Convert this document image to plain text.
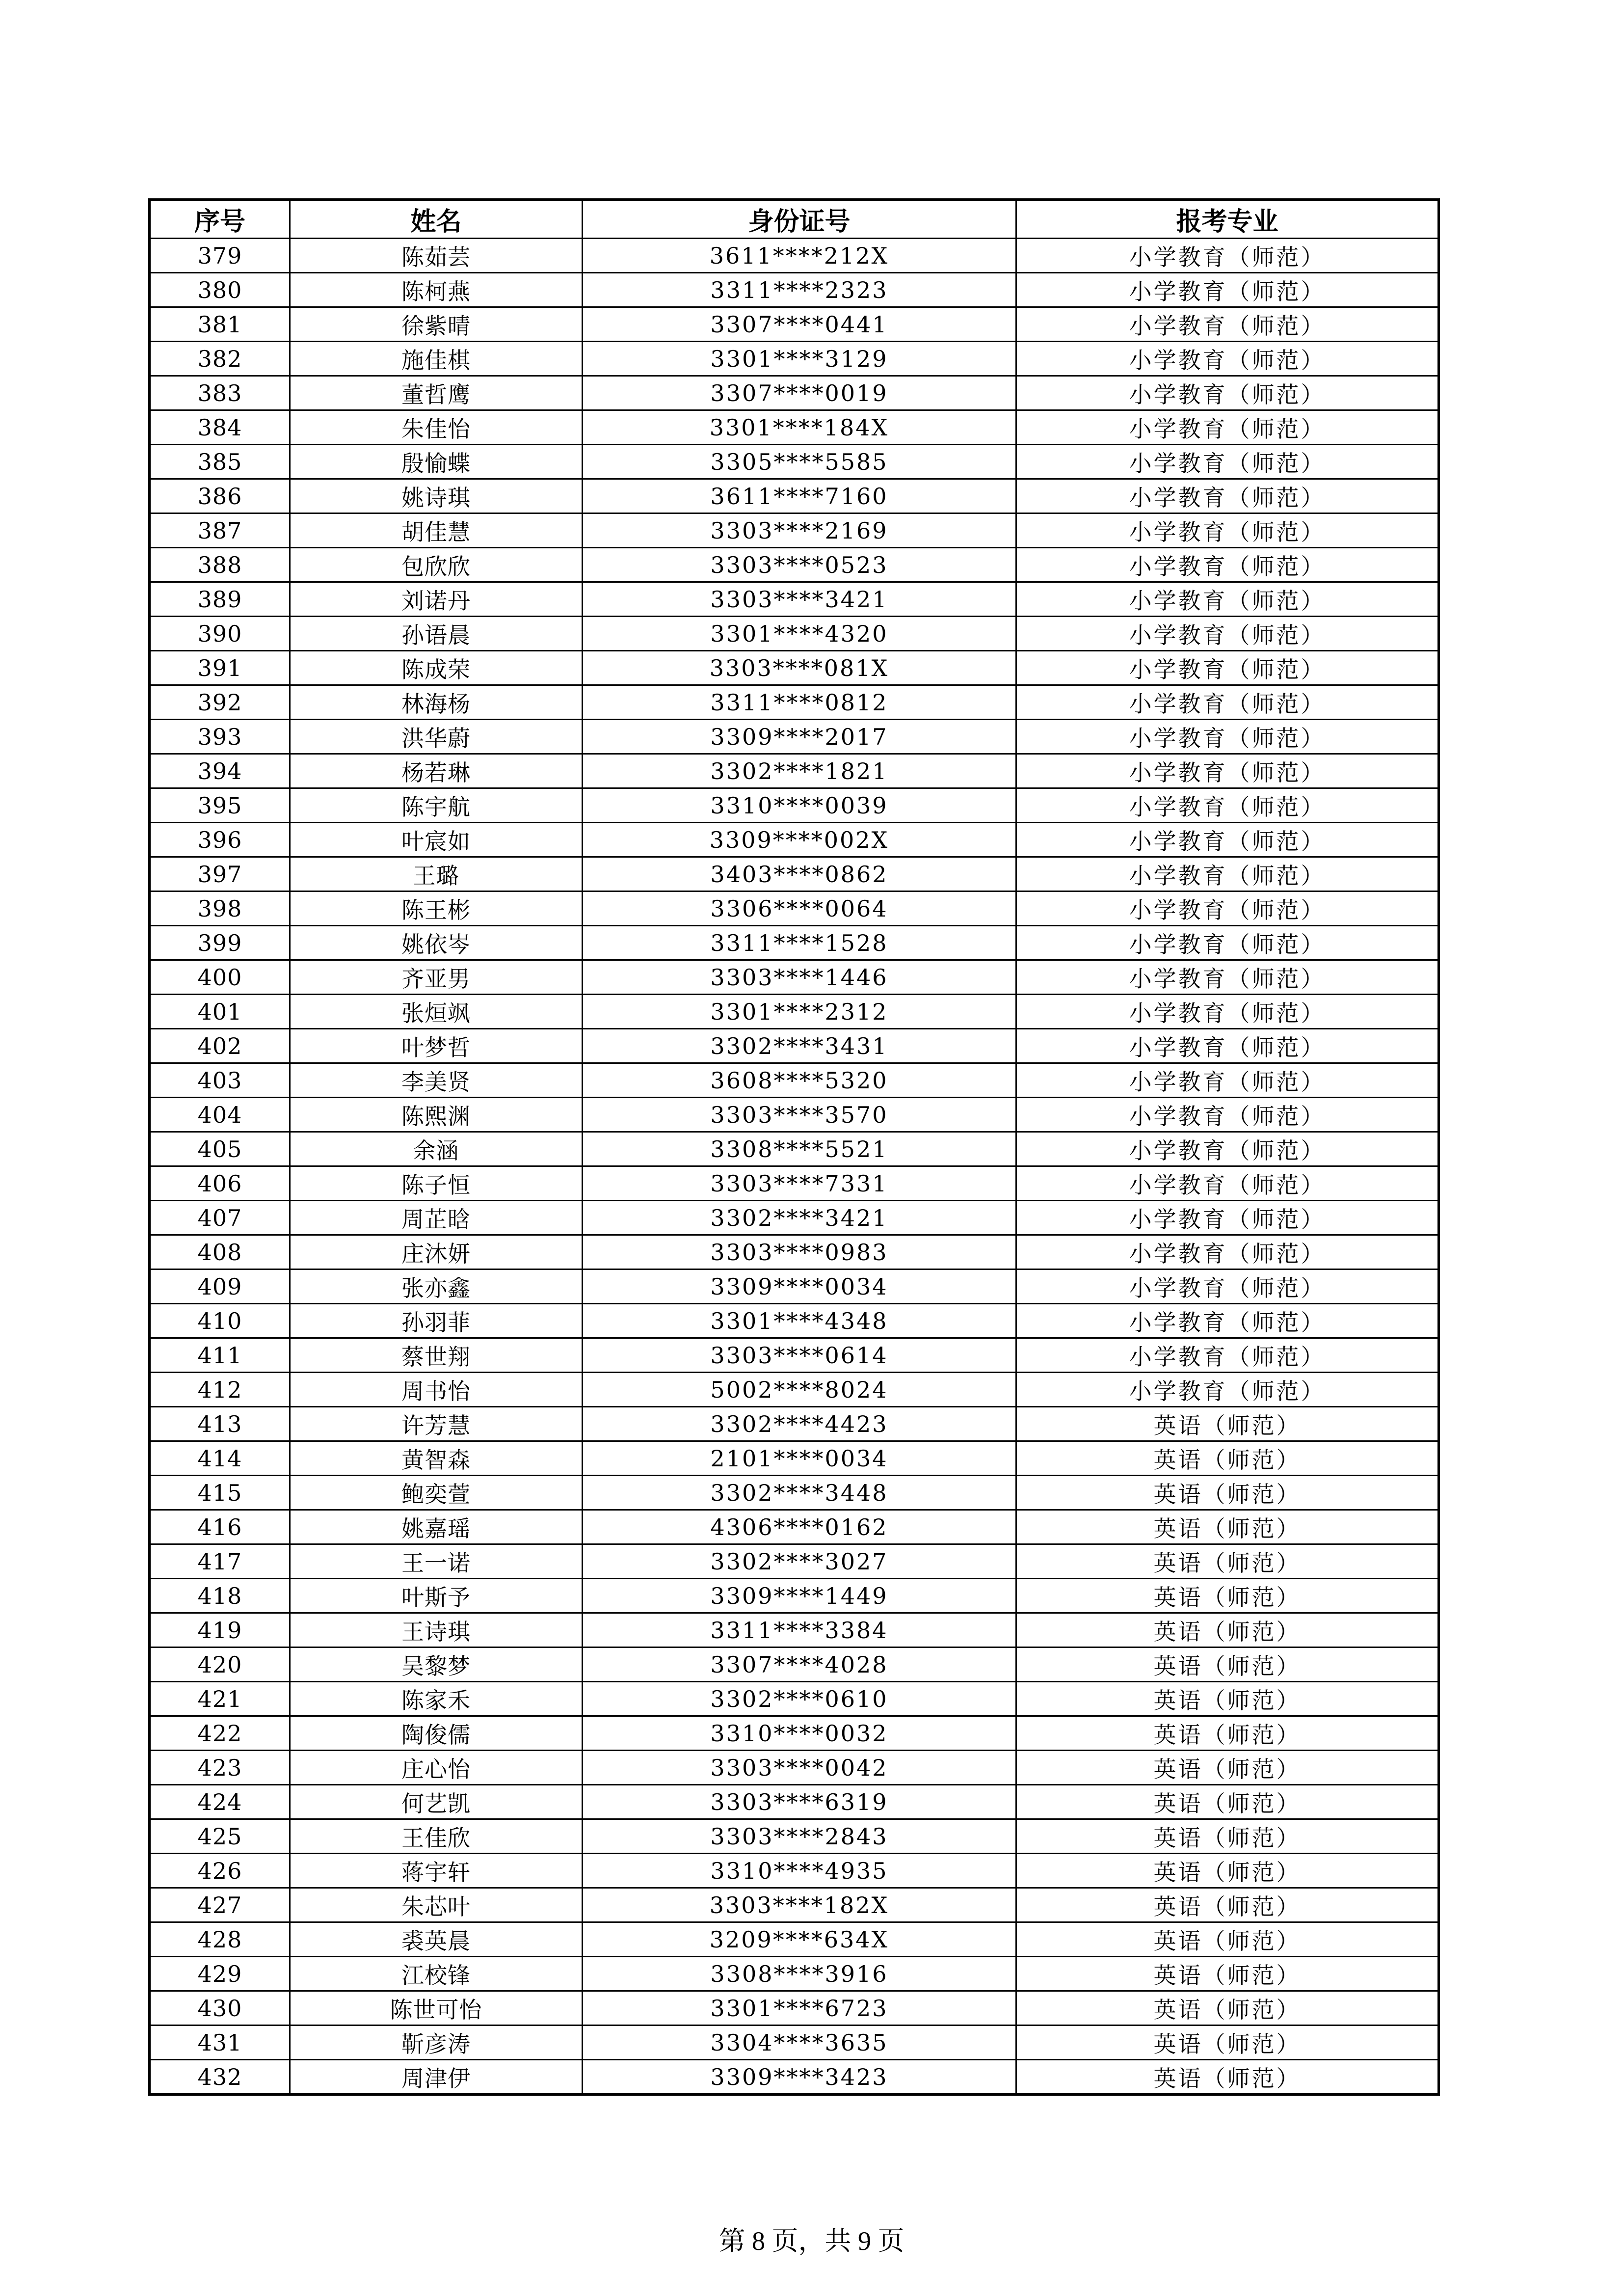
序号	姓名	身份证号	报考专业
379	陈茹芸	3611****212X	小学教育（师范）
380	陈柯燕	3311****2323	小学教育（师范）
381	徐紫晴	3307****0441	小学教育（师范）
382	施佳棋	3301****3129	小学教育（师范）
383	董哲鹰	3307****0019	小学教育（师范）
384	朱佳怡	3301****184X	小学教育（师范）
385	殷愉蝶	3305****5585	小学教育（师范）
386	姚诗琪	3611****7160	小学教育（师范）
387	胡佳慧	3303****2169	小学教育（师范）
388	包欣欣	3303****0523	小学教育（师范）
389	刘诺丹	3303****3421	小学教育（师范）
390	孙语晨	3301****4320	小学教育（师范）
391	陈成荣	3303****081X	小学教育（师范）
392	林海杨	3311****0812	小学教育（师范）
393	洪华蔚	3309****2017	小学教育（师范）
394	杨若琳	3302****1821	小学教育（师范）
395	陈宇航	3310****0039	小学教育（师范）
396	叶宸如	3309****002X	小学教育（师范）
397	王璐	3403****0862	小学教育（师范）
398	陈王彬	3306****0064	小学教育（师范）
399	姚依岑	3311****1528	小学教育（师范）
400	齐亚男	3303****1446	小学教育（师范）
401	张烜飒	3301****2312	小学教育（师范）
402	叶梦哲	3302****3431	小学教育（师范）
403	李美贤	3608****5320	小学教育（师范）
404	陈熙渊	3303****3570	小学教育（师范）
405	余涵	3308****5521	小学教育（师范）
406	陈子恒	3303****7331	小学教育（师范）
407	周芷晗	3302****3421	小学教育（师范）
408	庄沐妍	3303****0983	小学教育（师范）
409	张亦鑫	3309****0034	小学教育（师范）
410	孙羽菲	3301****4348	小学教育（师范）
411	蔡世翔	3303****0614	小学教育（师范）
412	周书怡	5002****8024	小学教育（师范）
413	许芳慧	3302****4423	英语（师范）
414	黄智森	2101****0034	英语（师范）
415	鲍奕萱	3302****3448	英语（师范）
416	姚嘉瑶	4306****0162	英语（师范）
417	王一诺	3302****3027	英语（师范）
418	叶斯予	3309****1449	英语（师范）
419	王诗琪	3311****3384	英语（师范）
420	吴黎梦	3307****4028	英语（师范）
421	陈家禾	3302****0610	英语（师范）
422	陶俊儒	3310****0032	英语（师范）
423	庄心怡	3303****0042	英语（师范）
424	何艺凯	3303****6319	英语（师范）
425	王佳欣	3303****2843	英语（师范）
426	蒋宇轩	3310****4935	英语（师范）
427	朱芯叶	3303****182X	英语（师范）
428	裘英晨	3209****634X	英语（师范）
429	江校锋	3308****3916	英语（师范）
430	陈世可怡	3301****6723	英语（师范）
431	靳彦涛	3304****3635	英语（师范）
432	周津伊	3309****3423	英语（师范）
第 8 页，共 9 页
